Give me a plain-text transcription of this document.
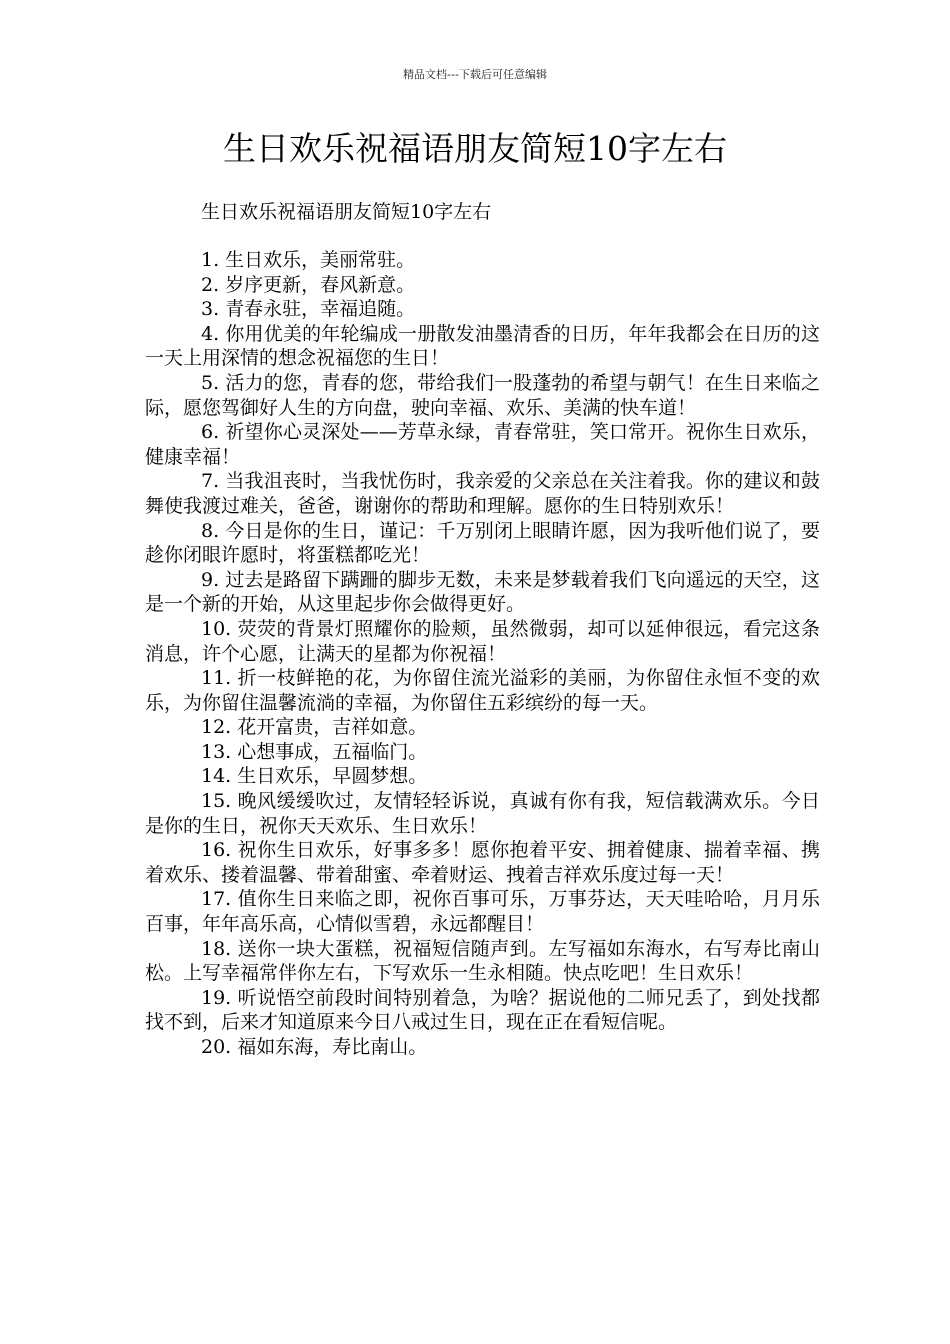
精品文档---下载后可任意编辑
生日欢乐祝福语朋友简短10字左右
生日欢乐祝福语朋友简短10字左右
1. 生日欢乐，美丽常驻。
2. 岁序更新，春风新意。
3. 青春永驻，幸福追随。
4. 你用优美的年轮编成一册散发油墨清香的日历，年年我都会在日历的这一天上用深情的想念祝福您的生日！
5. 活力的您，青春的您，带给我们一股蓬勃的希望与朝气！在生日来临之际，愿您驾御好人生的方向盘，驶向幸福、欢乐、美满的快车道！
6. 祈望你心灵深处——芳草永绿，青春常驻，笑口常开。祝你生日欢乐，健康幸福！
7. 当我沮丧时，当我忧伤时，我亲爱的父亲总在关注着我。你的建议和鼓舞使我渡过难关，爸爸，谢谢你的帮助和理解。愿你的生日特别欢乐！
8. 今日是你的生日，谨记：千万别闭上眼睛许愿，因为我听他们说了，要趁你闭眼许愿时，将蛋糕都吃光！
9. 过去是路留下蹒跚的脚步无数，未来是梦载着我们飞向遥远的天空，这是一个新的开始，从这里起步你会做得更好。
10. 荧荧的背景灯照耀你的脸颊，虽然微弱，却可以延伸很远，看完这条消息，许个心愿，让满天的星都为你祝福！
11. 折一枝鲜艳的花，为你留住流光溢彩的美丽，为你留住永恒不变的欢乐，为你留住温馨流淌的幸福，为你留住五彩缤纷的每一天。
12. 花开富贵，吉祥如意。
13. 心想事成，五福临门。
14. 生日欢乐，早圆梦想。
15. 晚风缓缓吹过，友情轻轻诉说，真诚有你有我，短信载满欢乐。今日是你的生日，祝你天天欢乐、生日欢乐！
16. 祝你生日欢乐，好事多多！愿你抱着平安、拥着健康、揣着幸福、携着欢乐、搂着温馨、带着甜蜜、牵着财运、拽着吉祥欢乐度过每一天！
17. 值你生日来临之即，祝你百事可乐，万事芬达，天天哇哈哈，月月乐百事，年年高乐高，心情似雪碧，永远都醒目！
18. 送你一块大蛋糕，祝福短信随声到。左写福如东海水，右写寿比南山松。上写幸福常伴你左右，下写欢乐一生永相随。快点吃吧！生日欢乐！
19. 听说悟空前段时间特别着急，为啥？据说他的二师兄丢了，到处找都找不到，后来才知道原来今日八戒过生日，现在正在看短信呢。
20. 福如东海，寿比南山。
